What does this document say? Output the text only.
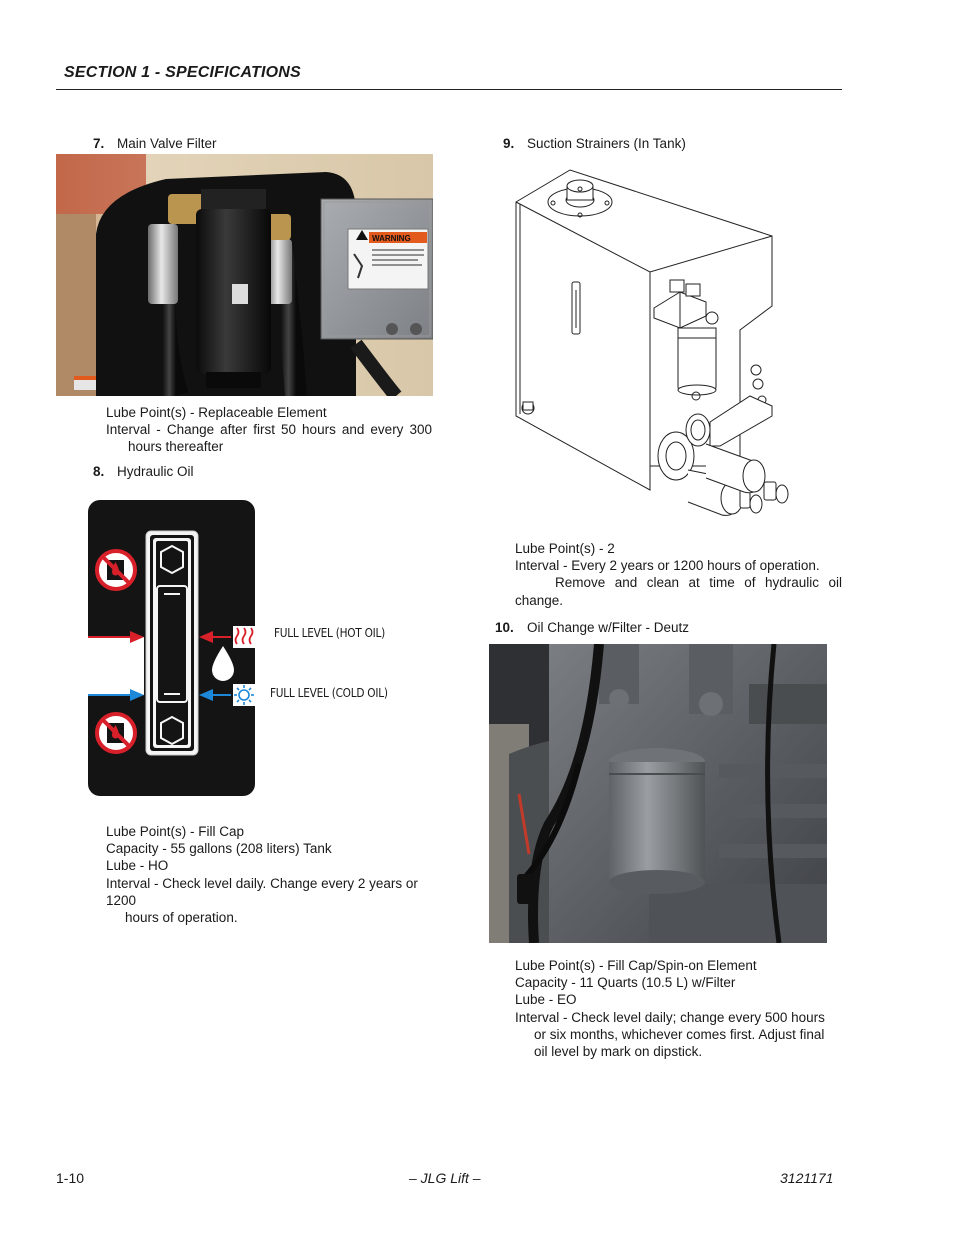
SECTION 1 - SPECIFICATIONS
7. Main Valve Filter
WARNING

Lube Point(s) - Replaceable Element

Interval - Change after first 50 hours and every 300

hours thereafter

8. Hydraulic Oil
FULL LEVEL (HOT OIL)
FULL LEVEL (COLD OIL)

Lube Point(s) - Fill Cap

Capacity - 55 gallons (208 liters) Tank

Lube - HO

Interval - Check level daily. Change every 2 years or

1200

hours of operation.

9. Suction Strainers (In Tank)

Lube Point(s) - 2

Interval - Every 2 years or 1200 hours of operation.

Remove and clean at time of hydraulic oil

change.

10. Oil Change w/Filter - Deutz

Lube Point(s) - Fill Cap/Spin-on Element

Capacity - 11 Quarts (10.5 L) w/Filter

Lube - EO

Interval - Check level daily; change every 500 hours

or six months, whichever comes first. Adjust final

oil level by mark on dipstick.

1-10	– JLG Lift –	3121171
